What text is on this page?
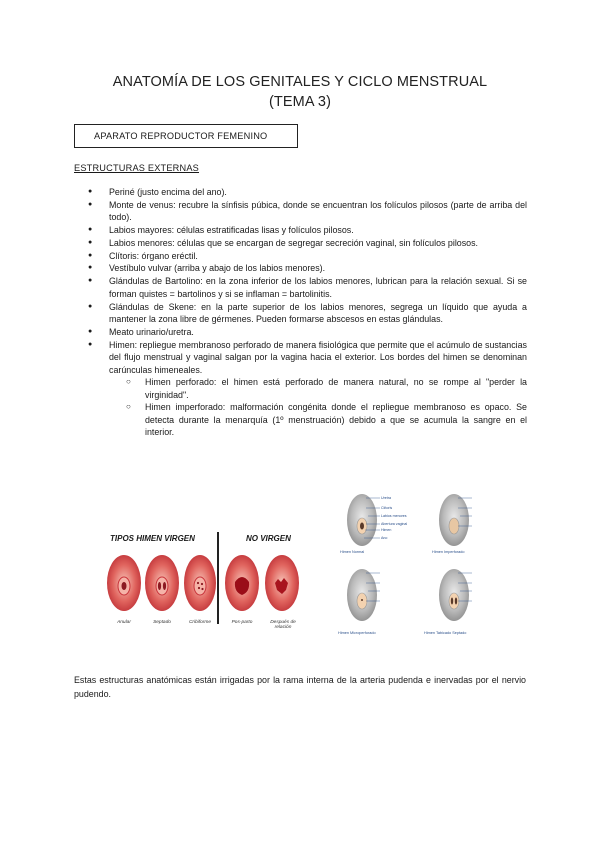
ANATOMÍA DE LOS GENITALES Y CICLO MENSTRUAL
(TEMA 3)
APARATO REPRODUCTOR FEMENINO
ESTRUCTURAS EXTERNAS
● Periné (justo encima del ano).
● Monte de venus: recubre la sínfisis púbica, donde se encuentran los folículos pilosos (parte de arriba del todo).
● Labios mayores: células estratificadas lisas y folículos pilosos.
● Labios menores: células que se encargan de segregar secreción vaginal, sin folículos pilosos.
● Clítoris: órgano eréctil.
● Vestíbulo vulvar (arriba y abajo de los labios menores).
● Glándulas de Bartolino: en la zona inferior de los labios menores, lubrican para la relación sexual. Si se forman quistes = bartolinos y si se inflaman = bartolinitis.
● Glándulas de Skene: en la parte superior de los labios menores, segrega un líquido que ayuda a mantener la zona libre de gérmenes. Pueden formarse abscesos en estas glándulas.
● Meato urinario/uretra.
● Himen: repliegue membranoso perforado de manera fisiológica que permite que el acúmulo de sustancias del flujo menstrual y vaginal salgan por la vagina hacia el exterior. Los bordes del himen se denominan carúnculas himeneales.
○ Himen perforado: el himen está perforado de manera natural, no se rompe al "perder la virginidad".
○ Himen imperforado: malformación congénita donde el repliegue membranoso es opaco. Se detecta durante la menarquía (1º menstruación) debido a que se acumula la sangre en el interior.
TIPOS HIMEN VIRGEN	NO VIRGEN
Anular	Septado	Cribiforme	Pos-parto	Después de relación
Uretra
Clítoris
Labios menores
Abertura vaginal
Himen
Ano
Himen Normal	Himen Imperforado
Himen Microperforado	Himen Tabicado Septado
Estas estructuras anatómicas están irrigadas por la rama interna de la arteria pudenda e inervadas por el nervio pudendo.
